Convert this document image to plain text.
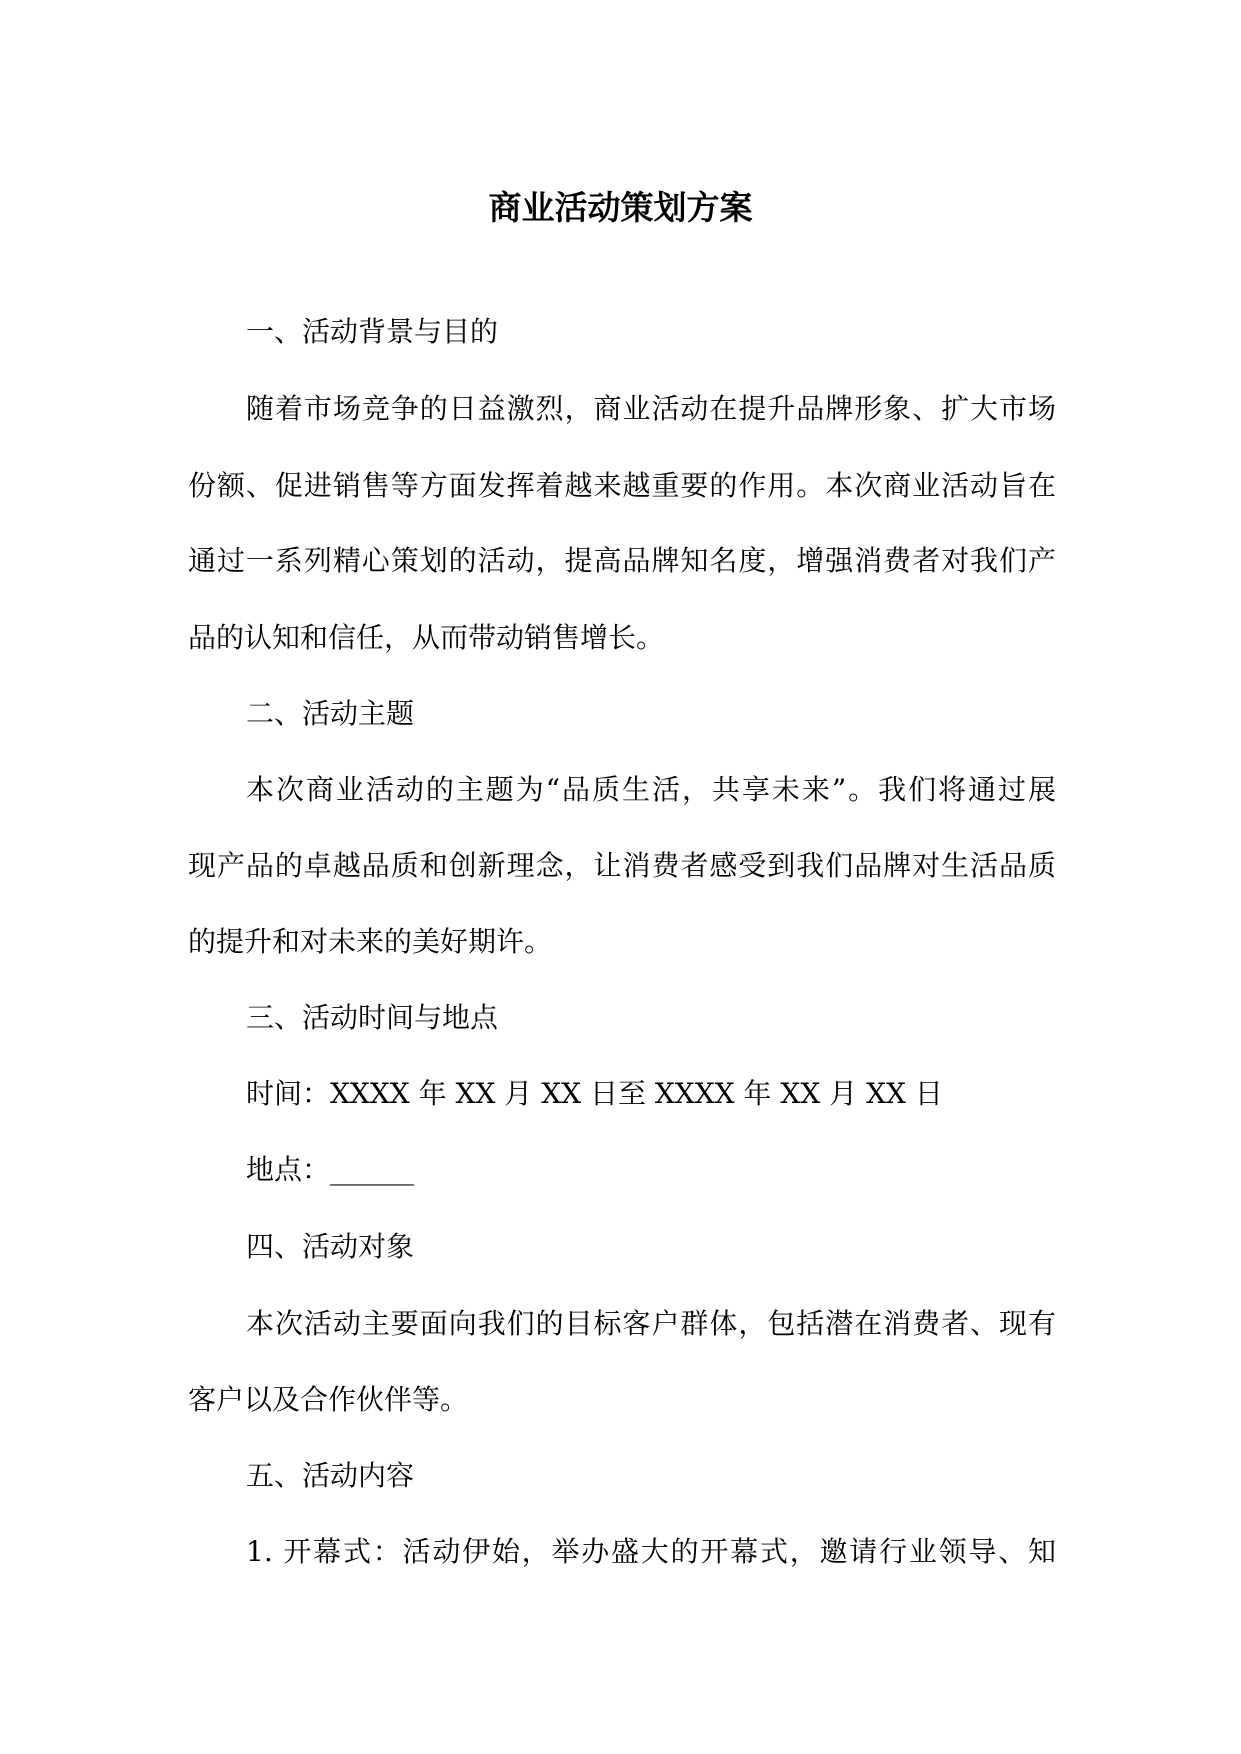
商业活动策划方案
一、活动背景与目的
随着市场竞争的日益激烈，商业活动在提升品牌形象、扩大市场
份额、促进销售等方面发挥着越来越重要的作用。本次商业活动旨在
通过一系列精心策划的活动，提高品牌知名度，增强消费者对我们产
品的认知和信任，从而带动销售增长。
二、活动主题
本次商业活动的主题为“品质生活，共享未来”。我们将通过展
现产品的卓越品质和创新理念，让消费者感受到我们品牌对生活品质
的提升和对未来的美好期许。
三、活动时间与地点
时间：XXXX 年 XX 月 XX 日至 XXXX 年 XX 月 XX 日
地点：______
四、活动对象
本次活动主要面向我们的目标客户群体，包括潜在消费者、现有
客户以及合作伙伴等。
五、活动内容
1. 开幕式：活动伊始，举办盛大的开幕式，邀请行业领导、知
